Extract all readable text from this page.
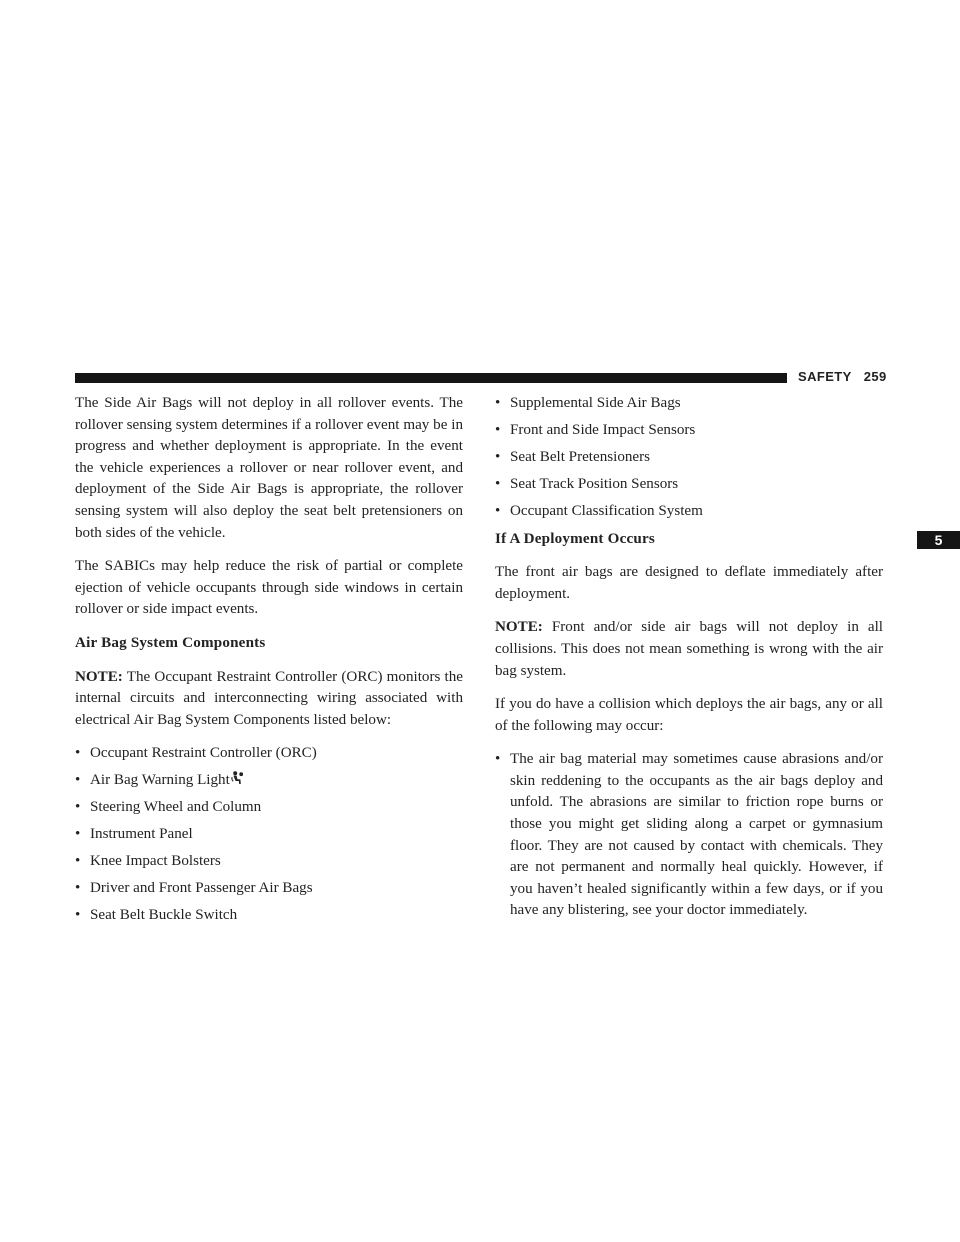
SAFETY 259
5

The Side Air Bags will not deploy in all rollover events. The rollover sensing system determines if a rollover event may be in progress and whether deployment is appropriate. In the event the vehicle experiences a rollover or near rollover event, and deployment of the Side Air Bags is appropriate, the rollover sensing system will also deploy the seat belt pretensioners on both sides of the vehicle.

The SABICs may help reduce the risk of partial or complete ejection of vehicle occupants through side windows in certain rollover or side impact events.

Air Bag System Components

NOTE: The Occupant Restraint Controller (ORC) monitors the internal circuits and interconnecting wiring associated with electrical Air Bag System Components listed below:

• Occupant Restraint Controller (ORC)
• Air Bag Warning Light
• Steering Wheel and Column
• Instrument Panel
• Knee Impact Bolsters
• Driver and Front Passenger Air Bags
• Seat Belt Buckle Switch
• Supplemental Side Air Bags
• Front and Side Impact Sensors
• Seat Belt Pretensioners
• Seat Track Position Sensors
• Occupant Classification System
If A Deployment Occurs

The front air bags are designed to deflate immediately after deployment.

NOTE: Front and/or side air bags will not deploy in all collisions. This does not mean something is wrong with the air bag system.

If you do have a collision which deploys the air bags, any or all of the following may occur:

• The air bag material may sometimes cause abrasions and/or skin reddening to the occupants as the air bags deploy and unfold. The abrasions are similar to friction rope burns or those you might get sliding along a carpet or gymnasium floor. They are not caused by contact with chemicals. They are not permanent and normally heal quickly. However, if you haven’t healed significantly within a few days, or if you have any blistering, see your doctor immediately.
